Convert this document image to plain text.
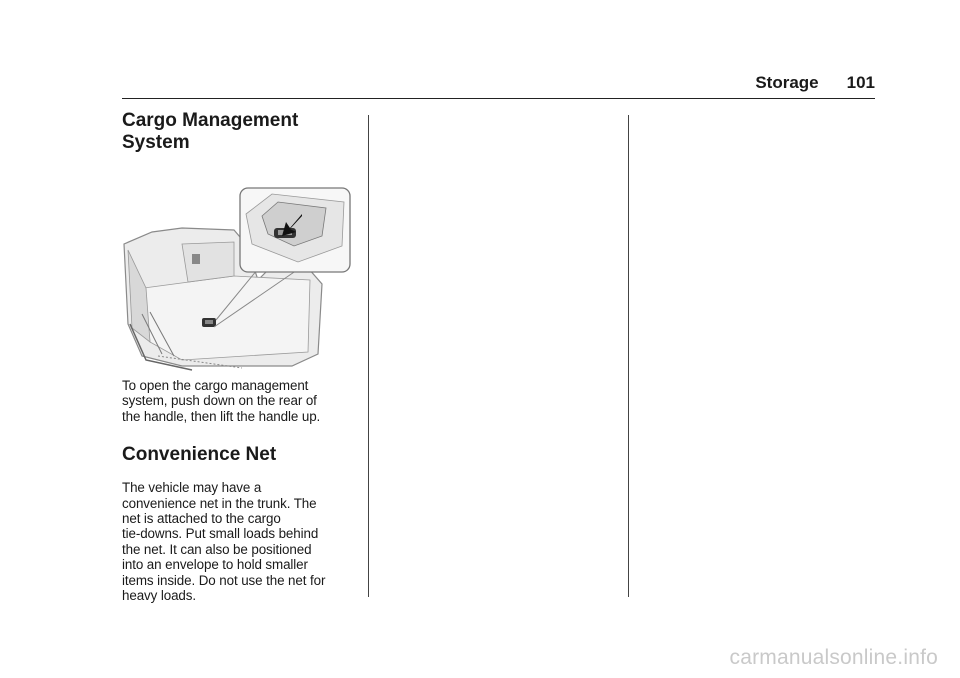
Storage 101
Cargo Management
System

To open the cargo management
system, push down on the rear of
the handle, then lift the handle up.

Convenience Net

The vehicle may have a
convenience net in the trunk. The
net is attached to the cargo
tie-downs. Put small loads behind
the net. It can also be positioned
into an envelope to hold smaller
items inside. Do not use the net for
heavy loads.

carmanualsonline.info
